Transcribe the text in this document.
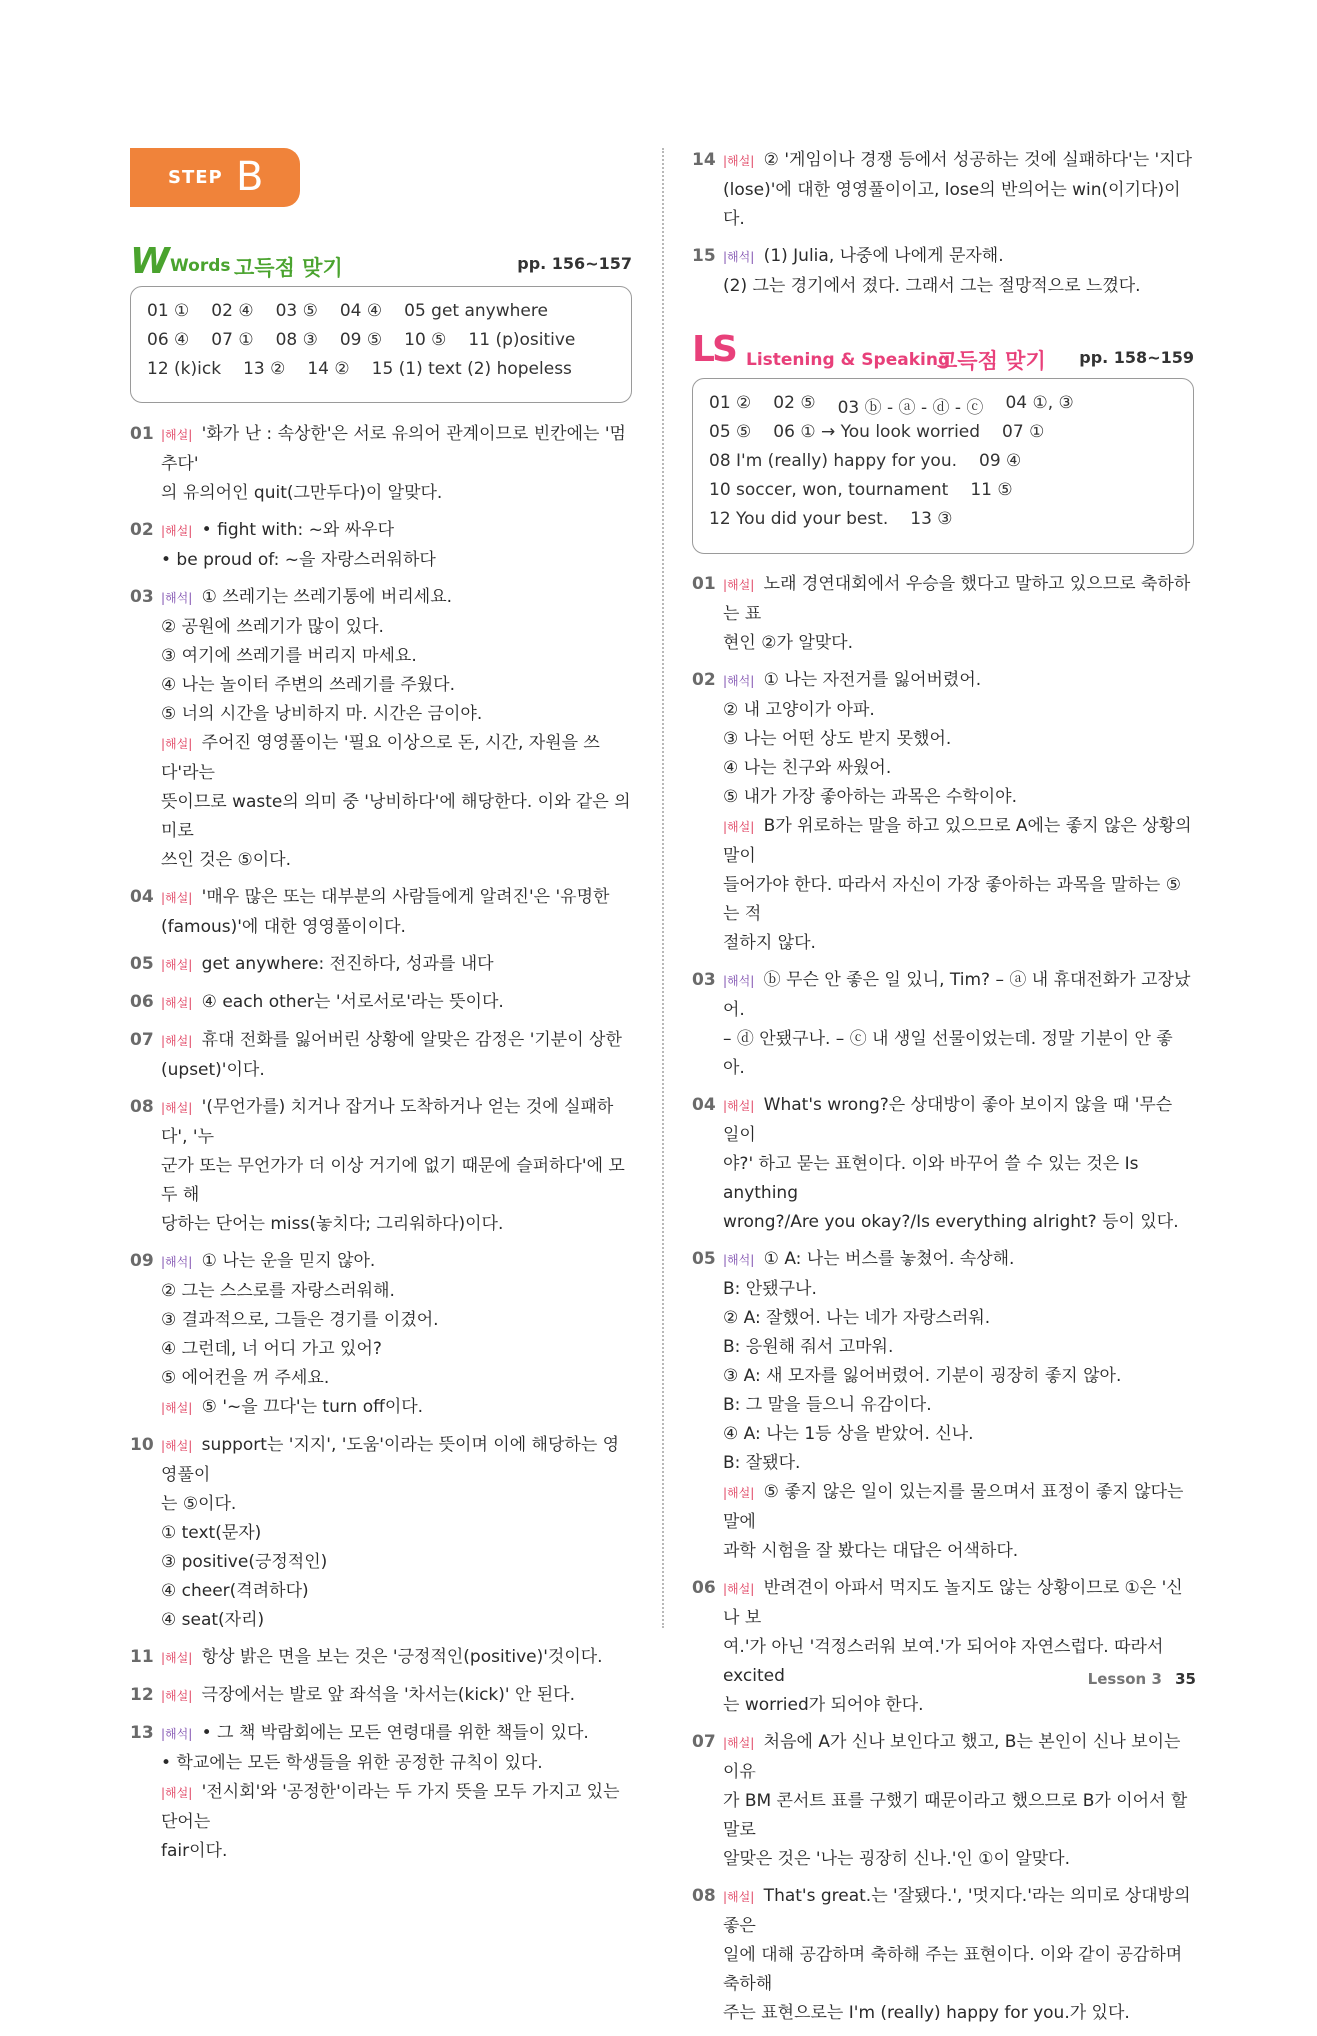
STEP B
W Words 고득점 맞기	pp. 156~157
01 ① 02 ④ 03 ⑤ 04 ④ 05 get anywhere
06 ④ 07 ① 08 ③ 09 ⑤ 10 ⑤ 11 (p)ositive
12 (k)ick 13 ② 14 ② 15 (1) text (2) hopeless
01 |해설| '화가 난 : 속상한'은 서로 유의어 관계이므로 빈칸에는 '멈추다'
의 유의어인 quit(그만두다)이 알맞다.
02 |해설| • fight with: ~와 싸우다
• be proud of: ~을 자랑스러워하다
03 |해석| ① 쓰레기는 쓰레기통에 버리세요.
② 공원에 쓰레기가 많이 있다.
③ 여기에 쓰레기를 버리지 마세요.
④ 나는 놀이터 주변의 쓰레기를 주웠다.
⑤ 너의 시간을 낭비하지 마. 시간은 금이야.
|해설| 주어진 영영풀이는 '필요 이상으로 돈, 시간, 자원을 쓰다'라는
뜻이므로 waste의 의미 중 '낭비하다'에 해당한다. 이와 같은 의미로
쓰인 것은 ⑤이다.
04 |해설| '매우 많은 또는 대부분의 사람들에게 알려진'은 '유명한
(famous)'에 대한 영영풀이이다.
05 |해설| get anywhere: 전진하다, 성과를 내다
06 |해설| ④ each other는 '서로서로'라는 뜻이다.
07 |해설| 휴대 전화를 잃어버린 상황에 알맞은 감정은 '기분이 상한
(upset)'이다.
08 |해설| '(무언가를) 치거나 잡거나 도착하거나 얻는 것에 실패하다', '누
군가 또는 무언가가 더 이상 거기에 없기 때문에 슬퍼하다'에 모두 해
당하는 단어는 miss(놓치다; 그리워하다)이다.
09 |해석| ① 나는 운을 믿지 않아.
② 그는 스스로를 자랑스러워해.
③ 결과적으로, 그들은 경기를 이겼어.
④ 그런데, 너 어디 가고 있어?
⑤ 에어컨을 꺼 주세요.
|해설| ⑤ '~을 끄다'는 turn off이다.
10 |해설| support는 '지지', '도움'이라는 뜻이며 이에 해당하는 영영풀이
는 ⑤이다.
① text(문자)
③ positive(긍정적인)
④ cheer(격려하다)
④ seat(자리)
11 |해설| 항상 밝은 면을 보는 것은 '긍정적인(positive)'것이다.
12 |해설| 극장에서는 발로 앞 좌석을 '차서는(kick)' 안 된다.
13 |해석| • 그 책 박람회에는 모든 연령대를 위한 책들이 있다.
• 학교에는 모든 학생들을 위한 공정한 규칙이 있다.
|해설| '전시회'와 '공정한'이라는 두 가지 뜻을 모두 가지고 있는 단어는
fair이다.
14 |해설| ② '게임이나 경쟁 등에서 성공하는 것에 실패하다'는 '지다
(lose)'에 대한 영영풀이이고, lose의 반의어는 win(이기다)이다.
15 |해석| (1) Julia, 나중에 나에게 문자해.
(2) 그는 경기에서 졌다. 그래서 그는 절망적으로 느꼈다.
LS Listening & Speaking
고득점 맞기 pp. 158~159
01 ② 02 ⑤ 03 ⓑ - ⓐ - ⓓ - ⓒ 04 ①, ③
05 ⑤ 06 ① → You look worried 07 ①
08 I'm (really) happy for you. 09 ④
10 soccer, won, tournament 11 ⑤
12 You did your best. 13 ③
01 |해설| 노래 경연대회에서 우승을 했다고 말하고 있으므로 축하하는 표
현인 ②가 알맞다.
02 |해석| ① 나는 자전거를 잃어버렸어.
② 내 고양이가 아파.
③ 나는 어떤 상도 받지 못했어.
④ 나는 친구와 싸웠어.
⑤ 내가 가장 좋아하는 과목은 수학이야.
|해설| B가 위로하는 말을 하고 있으므로 A에는 좋지 않은 상황의 말이
들어가야 한다. 따라서 자신이 가장 좋아하는 과목을 말하는 ⑤는 적
절하지 않다.
03 |해석| ⓑ 무슨 안 좋은 일 있니, Tim? – ⓐ 내 휴대전화가 고장났어.
– ⓓ 안됐구나. – ⓒ 내 생일 선물이었는데. 정말 기분이 안 좋아.
04 |해설| What's wrong?은 상대방이 좋아 보이지 않을 때 '무슨 일이
야?' 하고 묻는 표현이다. 이와 바꾸어 쓸 수 있는 것은 Is anything
wrong?/Are you okay?/Is everything alright? 등이 있다.
05 |해석| ① A: 나는 버스를 놓쳤어. 속상해.
B: 안됐구나.
② A: 잘했어. 나는 네가 자랑스러워.
B: 응원해 줘서 고마워.
③ A: 새 모자를 잃어버렸어. 기분이 굉장히 좋지 않아.
B: 그 말을 들으니 유감이다.
④ A: 나는 1등 상을 받았어. 신나.
B: 잘됐다.
|해설| ⑤ 좋지 않은 일이 있는지를 물으며서 표정이 좋지 않다는 말에
과학 시험을 잘 봤다는 대답은 어색하다.
06 |해설| 반려견이 아파서 먹지도 놀지도 않는 상황이므로 ①은 '신나 보
여.'가 아닌 '걱정스러워 보여.'가 되어야 자연스럽다. 따라서 excited
는 worried가 되어야 한다.
07 |해설| 처음에 A가 신나 보인다고 했고, B는 본인이 신나 보이는 이유
가 BM 콘서트 표를 구했기 때문이라고 했으므로 B가 이어서 할 말로
알맞은 것은 '나는 굉장히 신나.'인 ①이 알맞다.
08 |해설| That's great.는 '잘됐다.', '멋지다.'라는 의미로 상대방의 좋은
일에 대해 공감하며 축하해 주는 표현이다. 이와 같이 공감하며 축하해
주는 표현으로는 I'm (really) happy for you.가 있다.
Lesson 3 35
